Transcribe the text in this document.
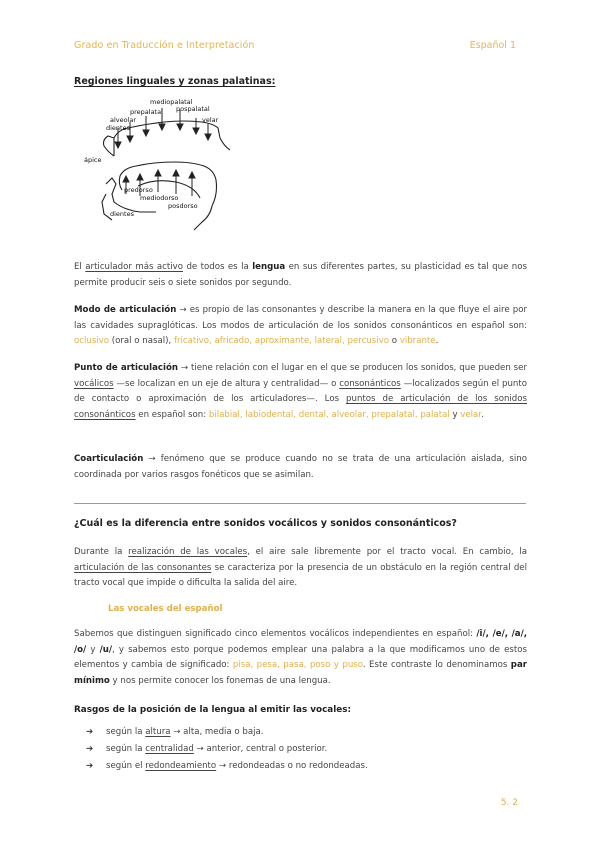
Grado en Traducción e Interpretación	Español 1
Regiones linguales y zonas palatinas:
mediopalatal
prepalatal pospalatal
alveolar	velar
dientes
ápice
predorso
mediodorso
posdorso
dientes
El articulador más activo de todos es la lengua en sus diferentes partes, su plasticidad es tal que nos permite producir seis o siete sonidos por segundo.
Modo de articulación → es propio de las consonantes y describe la manera en la que fluye el aire por las cavidades supraglóticas. Los modos de articulación de los sonidos consonánticos en español son: oclusivo (oral o nasal), fricativo, africado, aproximante, lateral, percusivo o vibrante.
Punto de articulación → tiene relación con el lugar en el que se producen los sonidos, que pueden ser vocálicos —se localizan en un eje de altura y centralidad— o consonánticos —localizados según el punto de contacto o aproximación de los articuladores—. Los puntos de articulación de los sonidos consonánticos en español son: bilabial, labiodental, dental, alveolar, prepalatal, palatal y velar.
Coarticulación → fenómeno que se produce cuando no se trata de una articulación aislada, sino coordinada por varios rasgos fonéticos que se asimilan.
¿Cuál es la diferencia entre sonidos vocálicos y sonidos consonánticos?
Durante la realización de las vocales, el aire sale libremente por el tracto vocal. En cambio, la articulación de las consonantes se caracteriza por la presencia de un obstáculo en la región central del tracto vocal que impide o dificulta la salida del aire.
Las vocales del español
Sabemos que distinguen significado cinco elementos vocálicos independientes en español: /i/, /e/, /a/, /o/ y /u/, y sabemos esto porque podemos emplear una palabra a la que modificamos uno de estos elementos y cambia de significado: pisa, pesa, pasa, poso y puso. Este contraste lo denominamos par mínimo y nos permite conocer los fonemas de una lengua.
Rasgos de la posición de la lengua al emitir las vocales:
➔ según la altura → alta, media o baja.
➔ según la centralidad → anterior, central o posterior.
➔ según el redondeamiento → redondeadas o no redondeadas.
5. 2
